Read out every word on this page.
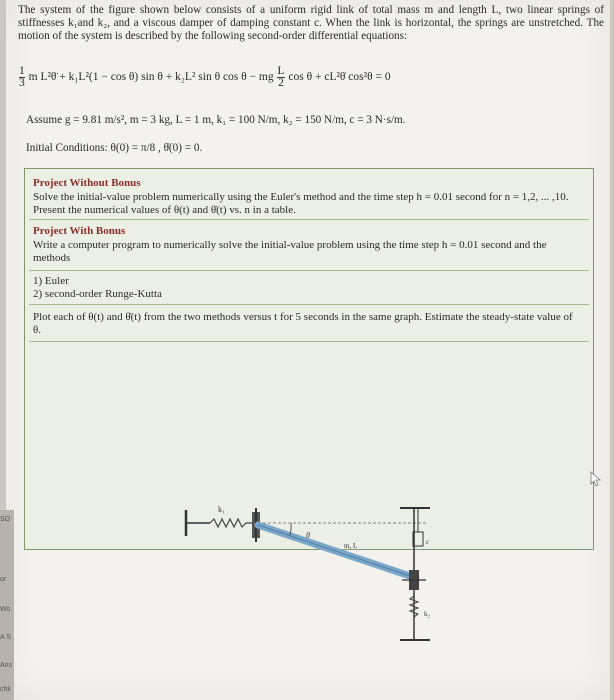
The system of the figure shown below consists of a uniform rigid link of total mass m and length L, two linear springs of stiffnesses k₁and k₂, and a viscous damper of damping constant c. When the link is horizontal, the springs are unstretched. The motion of the system is described by the following second-order differential equations:
$\frac{1}{3}$ m L²θ̈ + k₁L²(1 − cos θ) sin θ + k₂L² sin θ cos θ − mg $\frac{L}{2}$ cos θ + cL²θ̇ cos²θ = 0
Assume g = 9.81 m/s², m = 3 kg, L = 1 m, k₁ = 100 N/m, k₂ = 150 N/m, c = 3 N·s/m.
Initial Conditions: θ(0) = π/8 , θ̇(0) = 0.
Project Without Bonus
Solve the initial-value problem numerically using the Euler's method and the time step h = 0.01 second for n = 1,2, ... ,10. Present the numerical values of θ(t) and θ̇(t) vs. n in a table.
Project With Bonus
Write a computer program to numerically solve the initial-value problem using the time step h = 0.01 second and the methods
1) Euler
2) second-order Runge-Kutta
Plot each of θ(t) and θ̇(t) from the two methods versus t for 5 seconds in the same graph. Estimate the steady-state value of θ.
k₁
θ
m, L	c
k₂
SO
or
Wo
A S
Ans
chk
